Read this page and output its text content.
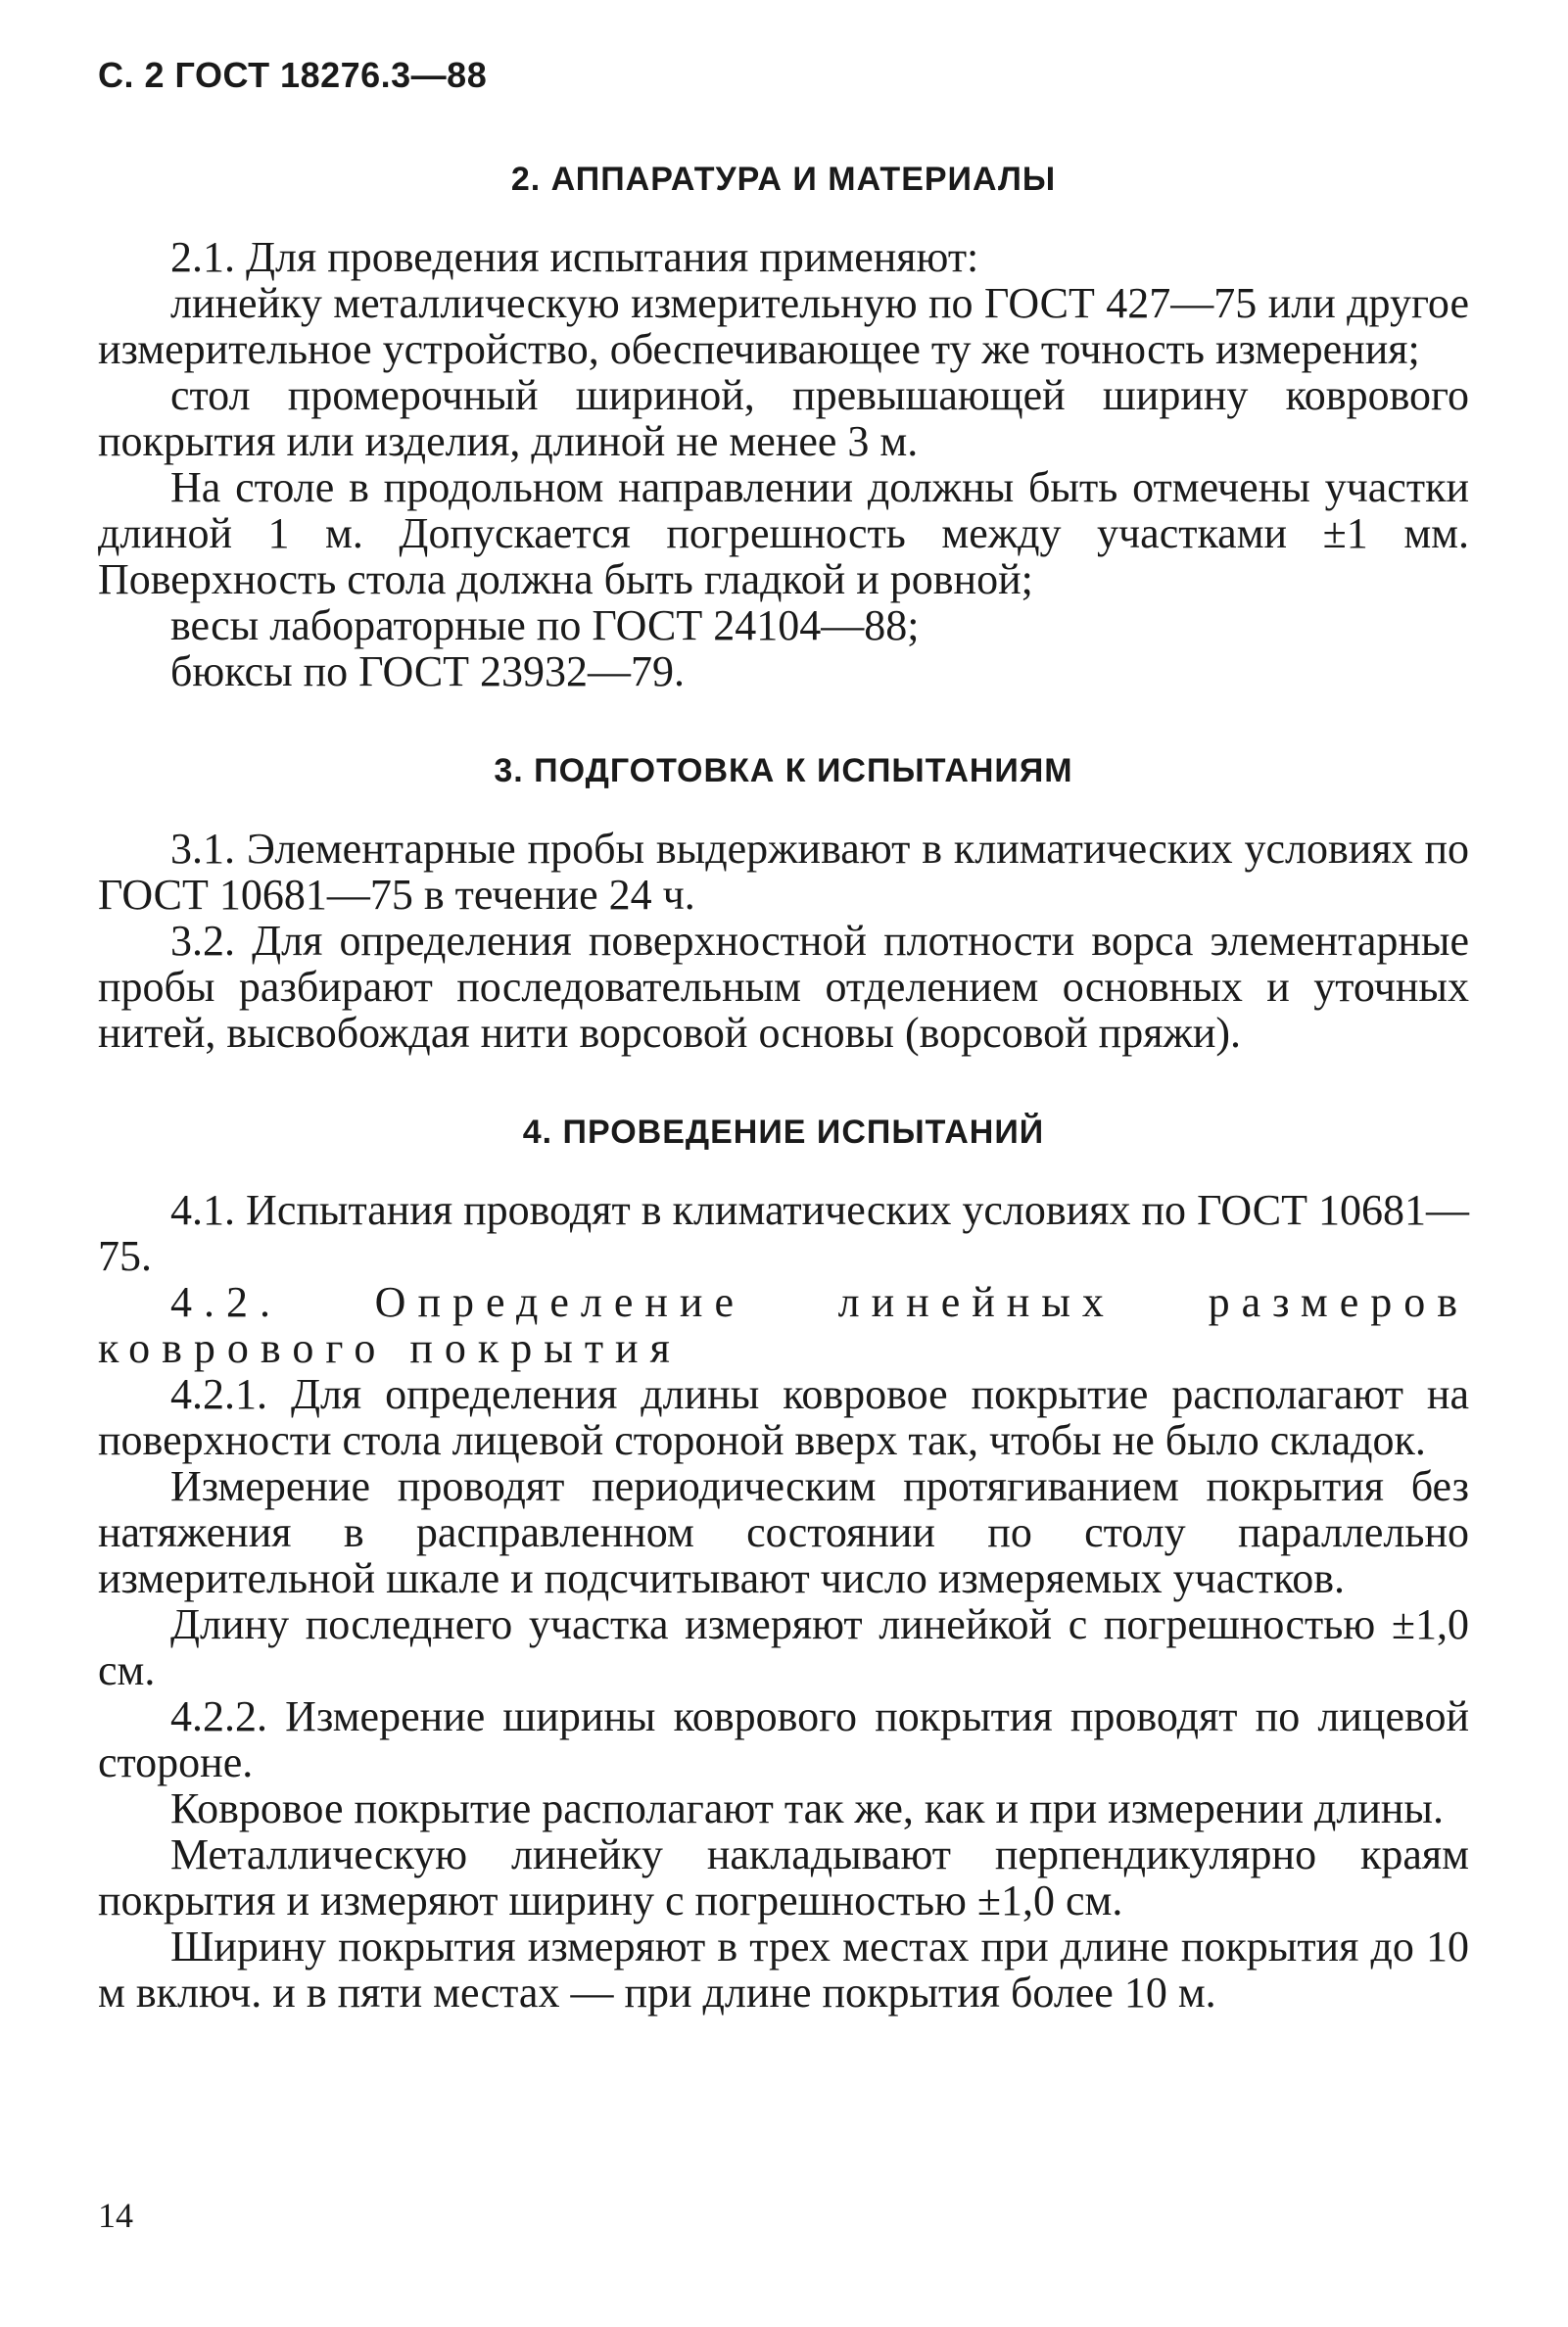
С. 2 ГОСТ 18276.3—88
2. АППАРАТУРА И МАТЕРИАЛЫ

2.1. Для проведения испытания применяют:

линейку металлическую измерительную по ГОСТ 427—75 или другое измерительное устройство, обеспечивающее ту же точность измерения;

стол промерочный шириной, превышающей ширину коврового покрытия или изделия, длиной не менее 3 м.

На столе в продольном направлении должны быть отмечены участки длиной 1 м. Допускается погрешность между участками ±1 мм. Поверхность стола должна быть гладкой и ровной;

весы лабораторные по ГОСТ 24104—88;

бюксы по ГОСТ 23932—79.

3. ПОДГОТОВКА К ИСПЫТАНИЯМ

3.1. Элементарные пробы выдерживают в климатических условиях по ГОСТ 10681—75 в течение 24 ч.

3.2. Для определения поверхностной плотности ворса элементарные пробы разбирают последовательным отделением основных и уточных нитей, высвобождая нити ворсовой основы (ворсовой пряжи).

4. ПРОВЕДЕНИЕ ИСПЫТАНИЙ

4.1. Испытания проводят в климатических условиях по ГОСТ 10681—75.

4.2. Определение линейных размеров коврового покрытия

4.2.1. Для определения длины ковровое покрытие располагают на поверхности стола лицевой стороной вверх так, чтобы не было складок.

Измерение проводят периодическим протягиванием покрытия без натяжения в расправленном состоянии по столу параллельно измерительной шкале и подсчитывают число измеряемых участков.

Длину последнего участка измеряют линейкой с погрешностью ±1,0 см.

4.2.2. Измерение ширины коврового покрытия проводят по лицевой стороне.

Ковровое покрытие располагают так же, как и при измерении длины.

Металлическую линейку накладывают перпендикулярно краям покрытия и измеряют ширину с погрешностью ±1,0 см.

Ширину покрытия измеряют в трех местах при длине покрытия до 10 м включ. и в пяти местах — при длине покрытия более 10 м.

14
